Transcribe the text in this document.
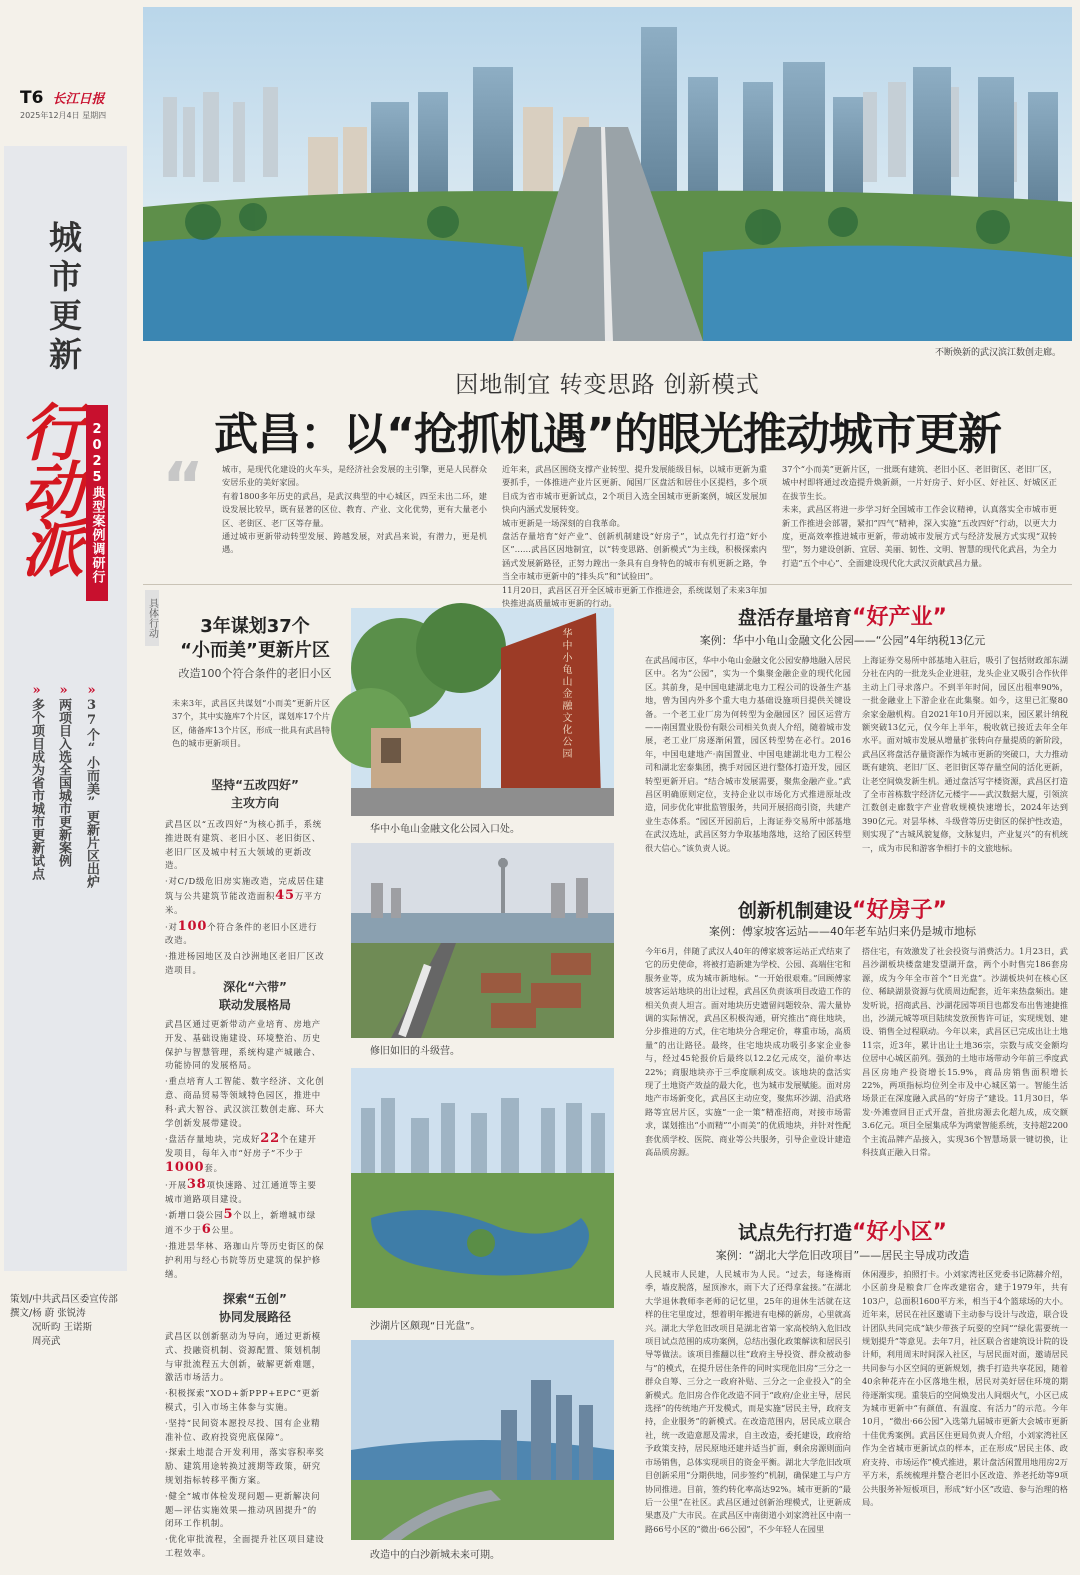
T6 长江日报
2025年12月4日 星期四
城市更新
行动派 2025典型案例调研行
»多个项目成为省市城市更新试点
»两项目入选全国城市更新案例
»37个“小而美”更新片区出炉
策划/中共武昌区委宣传部
撰文/杨 蔚 张锐涛
况昕昀 王诺斯
周亮武
不断焕新的武汉滨江数创走廊。
因地制宜 转变思路 创新模式
武昌：以“抢抓机遇”的眼光推动城市更新
“ 城市，是现代化建设的火车头，是经济社会发展的主引擎，更是人民群众安居乐业的美好家园。

有着1800多年历史的武昌，是武汉典型的中心城区，四至未出二环，建设发展比较早，既有显著的区位、教育、产业、文化优势，更有大量老小区、老街区、老厂区等存量。

通过城市更新带动转型发展、跨越发展，对武昌来说，有潜力，更是机遇。

近年来，武昌区围绕支撑产业转型、提升发展能级目标，以城市更新为重要抓手，一体推进产业片区更新、闻国厂区盘活和居住小区提档，多个项目成为省市城市更新试点，2个项目入选全国城市更新案例，城区发展加快向内涵式发展转变。

城市更新是一场深刻的自我革命。

盘活存量培育“好产业”、创新机制建设“好房子”，试点先行打造“好小区”……武昌区因地制宜，以“转变思路、创新模式”为主线，积极探索内涵式发展新路径，正努力蹚出一条具有自身特色的城市有机更新之路，争当全市城市更新中的“排头兵”和“试验田”。

11月20日，武昌区召开全区城市更新工作推进会，系统谋划了未来3年加快推进高质量城市更新的行动。

37个“小而美”更新片区，一批既有建筑、老旧小区、老旧街区、老旧厂区，城中村即将通过改造提升焕新颜，一片好房子、好小区、好社区、好城区正在拔节生长。

未来，武昌区将进一步学习好全国城市工作会议精神，认真落实全市城市更新工作推进会部署，紧扣“四气”精神，深入实施“五改四好”行动，以更大力度，更高效率推进城市更新，带动城市发展方式与经济发展方式实现“双转型”，努力建设创新、宜居、美丽、韧性、文明、智慧的现代化武昌，为全力打造“五个中心”、全面建设现代化大武汉贡献武昌力量。

具体行动	3年谋划37个
“小而美”更新片区
改造100个符合条件的老旧小区
未来3年，武昌区共谋划“小而美”更新片区37个，其中实施库7个片区，谋划库17个片区，储备库13个片区，形成一批具有武昌特色的城市更新项目。
坚持“五改四好”
主攻方向

武昌区以“五改四好”为核心抓手，系统推进既有建筑、老旧小区、老旧街区、老旧厂区及城中村五大领域的更新改造。

·对C/D级危旧房实施改造，完成居住建筑与公共建筑节能改造面积45万平方米。

·对100个符合条件的老旧小区进行改造。

·推进杨园地区及白沙洲地区老旧厂区改造项目。

深化“六带”
联动发展格局

武昌区通过更新带动产业培育、房地产开发、基础设施建设、环境整治、历史保护与智慧管理，系统构建产城融合、功能协同的发展格局。

·重点培育人工智能、数字经济、文化创意、商品贸易等领域特色园区，推进中科·武大智谷、武汉滨江数创走廊、环大学创新发展带建设。

·盘活存量地块，完成好22个在建开发项目，每年入市“好房子”不少于1000套。

·开展38项快速路、过江通道等主要城市道路项目建设。

·新增口袋公园5个以上，新增城市绿道不少于6公里。

·推进昙华林、珞珈山片等历史街区的保护利用与经心书院等历史建筑的保护修缮。

探索“五创”
协同发展路径

武昌区以创新驱动为导向，通过更新模式、投融资机制、资源配置、策划机制与审批流程五大创新，破解更新难题，激活市场活力。

·积极探索“XOD+新PPP+EPC”更新模式，引入市场主体参与实施。

·坚持“民间资本愿投尽投、国有企业精准补位、政府投资兜底保障”。

·探索土地混合开发利用，落实容积率奖励、建筑用途转换过渡期等政策，研究规划指标转移平衡方案。

·健全“城市体检发现问题—更新解决问题—评估实施效果—推动巩固提升”的闭环工作机制。

·优化审批流程，全面提升社区项目建设工程效率。

华中小龟山金融文化公园
华中小龟山金融文化公园入口处。
修旧如旧的斗级营。
沙湖片区颇现“日光盘”。
改造中的白沙新城未来可期。
盘活存量培育“好产业”
案例：华中小龟山金融文化公园——“公园”4年纳税13亿元
在武昌闻市区，华中小龟山金融文化公园安静地融入居民区中。名为“公园”，实为一个集聚金融企业的现代化园区。其前身，是中国电建湖北电力工程公司的设备生产基地，曾为国内外多个重大电力基础设施项目提供关键设备。一个老工业厂房为何转型为金融园区？园区运营方——南国置业股份有限公司相关负责人介绍，随着城市发展，老工业厂房逐渐闲置，园区转型势在必行。2016年，中国电建地产·南国置业、中国电建湖北电力工程公司和湖北宏泰集团，携手对园区进行整体打造开发，园区转型更新开启。“结合城市发展需要，聚焦金融产业。”武昌区明确原则定位，支持企业以市场化方式推进原址改造，同步优化审批监管服务，共同开展招商引资，共建产业生态体系。“园区开园前后，上海证券交易所中部基地在武汉选址，武昌区努力争取基地落地，这给了园区转型很大信心。”该负责人说。
上海证券交易所中部基地入驻后，吸引了包括财政部东湖分社在内的一批龙头企业进驻，龙头企业又吸引合作伙伴主动上门寻求落户。不到半年时间，园区出租率90%，一批金融业上下游企业在此集聚。如今，这里已汇聚80余家金融机构。自2021年10月开园以来，园区累计纳税额突破13亿元，仅今年上半年，税收就已接近去年全年水平。面对城市发展从增量扩张转向存量提质的新阶段，武昌区将盘活存量资源作为城市更新的突破口，大力推动既有建筑、老旧厂区、老旧街区等存量空间的活化更新，让老空间焕发新生机。通过盘活写字楼资源，武昌区打造了全市首栋数字经济亿元楼宇——武汉数据大厦，引领滨江数创走廊数字产业营收规模快速增长，2024年达到390亿元。对昙华林、斗级营等历史街区的保护性改造，则实现了“古城风貌复修，文脉复归，产业复兴”的有机统一，成为市民和游客争相打卡的文旅地标。
创新机制建设“好房子”
案例：傅家坡客运站——40年老车站归来仍是城市地标
今年6月，伴随了武汉人40年的傅家坡客运站正式结束了它的历史使命，将被打造新建为学校、公园、高端住宅和服务业等，成为城市新地标。“一开始很艰难。”回顾傅家坡客运站地块的出让过程，武昌区负责该项目改造工作的相关负责人坦言。面对地块历史遗留问题较杂、需大量协调的实际情况，武昌区积极沟通，研究推出“商住地块，分步推进的方式，住宅地块分合理定价，尊重市场，高质量”的出让路径。最终，住宅地块成功吸引多家企业参与，经过45轮报价后最终以12.2亿元成交，溢价率达22%；商服地块亦于三季度顺利成交。该地块的盘活实现了土地资产效益的最大化，也为城市发展赋能。面对房地产市场新变化，武昌区主动应变，聚焦环沙湖、沿武珞路等宜居片区，实施“一企一策”精准招商，对接市场需求，谋划推出“小而精”“小而美”的优质地块，并针对性配套优质学校、医院、商业等公共服务，引导企业设计建造高品质房源。
搭住宅，有效激发了社会投资与消费活力。1月23日，武昌沙湖板块楼盘建发望湖开盘，两个小时售完186套房源，成为今年全市首个“日光盘”。沙湖板块何在核心区位、稀缺湖景资源与优质周边配套，近年来热盘频出。建发听说，招商武昌、沙湖花园等项目也都发布出售速捷推出，沙湖元城等项目陆续发放预售许可证，实现规划、建设、销售全过程联动。今年以来，武昌区已完成出让土地11宗，近3年，累计出让土地36宗，宗数与成交金额均位居中心城区前列。强劲的土地市场带动今年前三季度武昌区房地产投资增长15.9%，商品房销售面积增长22%，两项指标均位列全市及中心城区第一。智能生活场景正在深度融入武昌的“好房子”建设。11月30日，华发·外滩壹回目正式开盘，首批房源去化超九成，成交额3.6亿元。项目全屋集成华为鸿蒙智能系统，支持超2200个主流品牌产品接入，实现36个智慧场景一键切换，让科技真正融入日常。
试点先行打造“好小区”
案例：“湖北大学危旧改项目”——居民主导成功改造
人民城市人民建，人民城市为人民。“过去，每逢梅雨季，墙皮脱落，屋顶渗水，雨下大了还得拿盆接。”在湖北大学退休教师李老师的记忆里，25年的退休生活就在这样的住宅里度过，想着明年搬进有电梯的新房，心里就高兴。湖北大学危旧改项目是湖北省第一家高校纳入危旧改项目试点范围的成功案例，总结出强化政策解读和居民引导等做法。该项目推翻以往“政府主导投资、群众被动参与”的模式，在提升居住条件的同时实现危旧房“三分之一群众自筹、三分之一政府补贴、三分之一企业投入”的全新模式。危旧房合作化改造不同于“政府/企业主导，居民选择”的传统地产开发模式，而是实施“居民主导，政府支持，企业服务”的新模式。在改造范围内，居民成立联合社，统一改造意愿及需求，自主改造，委托建设，政府给予政策支持，居民原地还建并适当扩面，剩余房源则面向市场销售，总体实现项目的资金平衡。湖北大学危旧改项目创新采用“分期供地，同步签约”机制，确保建工与户方协同推进。目前，签约转化率高达92%。城市更新的“最后一公里”在社区。武昌区通过创新治理模式，让更新成果惠及广大市民。在武昌区中南街道小刘家湾社区中南一路66号小区的“微出·66公园”，不少年轻人在园里
休闲漫步，拍照打卡。小刘家湾社区党委书记陈赫介绍，小区前身是粮食厂仓库改建宿舍，建于1979年，共有103户，总面积1600平方米，相当于4个篮球场的大小。近年来，居民在社区邀请下主动参与设计与改造，联合设计团队共同完成“缺少带孩子玩耍的空间”“绿化需要统一规划提升”等意见。去年7月，社区联合省建筑设计院的设计师，利用周末时间深入社区，与居民面对面，邀请居民共同参与小区空间的更新规划，携手打造共享花园，随着40余种花卉在小区落地生根，居民对美好居住环境的期待逐渐实现。重装后的空间焕发出人间烟火气，小区已成为城市更新中“有颜值、有温度、有活力”的示范。今年10月，“微出·66公园”入选第九届城市更新大会城市更新十佳优秀案例。武昌区住更局负责人介绍，小刘家湾社区作为全省城市更新试点的样本，正在形成“居民主体、政府支持、市场运作”模式推进，累计盘活闲置用地用房2万平方米，系统梳理并整合老旧小区改造、养老托幼等9项公共服务补短板项目，形成“好小区”改造、参与治理的格局。
